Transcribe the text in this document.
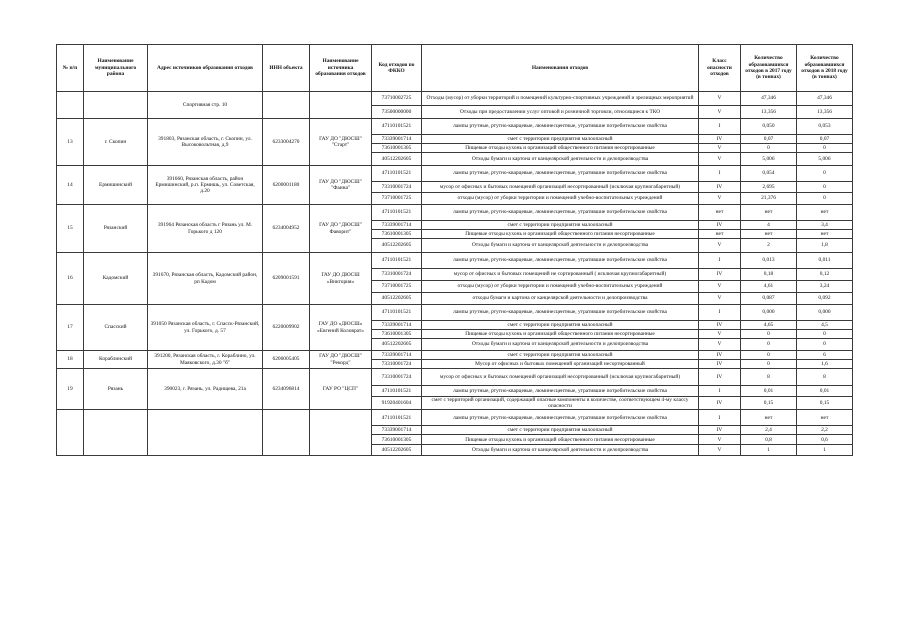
№ п/п	Наименование муниципального района	Адрес источников образования отходов	ИНН объекта	Наименование источника образования отходов	Код отходов по ФККО	Наименования отходов	Класс опасности отходов	Количество образовавшихся отходов в 2017 году (в тоннах)	Количество образовавшихся отходов в 2018 году (в тоннах)
		Спортивная стр. 10			73710002725	Отходы (мусор) от уборки территорий и помещений культурно-спортивных учреждений и зрелищных мероприятий	V	47,346	47,346
					73500000000	Отходы при предоставлении услуг оптовой и розничной торговли, относящиеся к ТКО	V	13,356	13,356
13	г. Скопин	391803, Рязанская область, г. Скопин, ул. Высоковольтная, д.9	6233004270	ГАУ ДО "ДЮСШ" "Старт"	47110101521	лампы ртутные, ртутно-кварцевые, люминесцентные, утратившие потребительские свойства	I	0,050	0,053
					73339001714	смет с территории предприятия малоопасный	IV	0,07	0,07
					73610001305	Пищевые отходы кухонь и организаций общественного питания несортированные	V	0	0
					40512202605	Отходы бумаги и картона от канцелярской деятельности и делопроизводства	V	5,006	5,006
14	Ермишинский	391660, Рязанская область, район Ермишинский, р.п. Ермишь, ул. Советская, д.20	6200001180	ГАУ ДО "ДЮСШ" "Фаина"	47110101521	лампы ртутные, ртутно-кварцевые, люминесцентные, утратившие потребительские свойства	I	0,054	0
					73310001724	мусор от офисных и бытовых помещений организаций несортированный (исключая крупногабаритный)	IV	2,695	0
					73710001725	отходы (мусор) от уборки территории и помещений учебно-воспитательных учреждений	V	21,376	0
15	Рязанский	391964 Рязанская область г Рязань ул. М. Горького д 120	6234004952	ГАУ ДО "ДЮСШ" Фаворит"	47110101521	лампы ртутные, ртутно-кварцевые, люминесцентные, утратившие потребительские свойства	нет	нет	нет
					73339001714	смет с территории предприятия малоопасный	IV	4	3,4
					73610001305	Пищевые отходы кухонь и организаций общественного питания несортированные	нет	нет	нет
					40512202605	Отходы бумаги и картона от канцелярской деятельности и делопроизводства	V	2	1,8
16	Кадомский	391670, Рязанская область, Кадомский район, рп Кадом	6209001591	ГАУ ДО ДЮСШ «Виктория»	47110101521	лампы ртутные, ртутно-кварцевые, люминесцентные, утратившие потребительские свойства	I	0,013	0,011
					73310001724	мусор от офисных и бытовых помещений не сортированный ( исключая крупногабаритный)	IV	0,18	0,12
					73710001725	отходы (мусор) от уборки территории и помещений учебно-воспитательных учреждений	V	4,61	3,24
					40512202605	отходы бумаги и картона от канцелярской деятельности и делопроизводства	V	0,087	0,092
17	Спасский	391050 Рязанская область, г. Спасск-Рязанский, ул. Горького, д. 57	6220009902	ГАУ ДО «ДЮСШ» «Евгений Коловрат»	47110101521	лампы ртутные, ртутно-кварцевые, люминесцентные, утратившие потребительские свойства	I	0,000	0,000
					73339001714	смет с территории предприятия малоопасный	IV	4,65	4,5
					73610001305	Пищевые отходы кухонь и организаций общественного питания несортированные	V	0	0
					40512202605	Отходы бумаги и картона от канцелярской деятельности и делопроизводства	V	0	0
18	Кораблинский	391200, Рязанская область, г. Кораблино, ул. Маяковского, д.30 "б"	6206005405	ГАУ ДО "ДЮСШ" "Рекорд"	73339001714	смет с территории предприятия малоопасный	IV	0	6
					73310001724	Мусор от офисных и бытовых помещений организаций несортированный	IV	0	1,6
19	Рязань	390023, г. Рязань, ул. Радищева, 21а	6234096814	ГАУ РО "ЦСП"	73310001724	мусор от офисных и бытовых помещений организаций несортированный (исключая крупногабаритный)	IV	8	8
					47110101521	лампы ртутные, ртутно-кварцевые, люминесцентные, утратившие потребительские свойства	I	0,01	0,01
					91920401604	смет с территорий организаций, содержащий опасные компоненты в количестве, соответствующем 4-му классу опасности	IV	0,15	0,15
					47110101521	лампы ртутные, ртутно-кварцевые, люминесцентные, утратившие потребительские свойства	I	нет	нет
					73339001714	смет с территории предприятия малоопасный	IV	2,4	2,2
					73610001305	Пищевые отходы кухонь и организаций общественного питания несортированные	V	0,8	0,6
					40512202605	Отходы бумаги и картона от канцелярской деятельности и делопроизводства	V	1	1
